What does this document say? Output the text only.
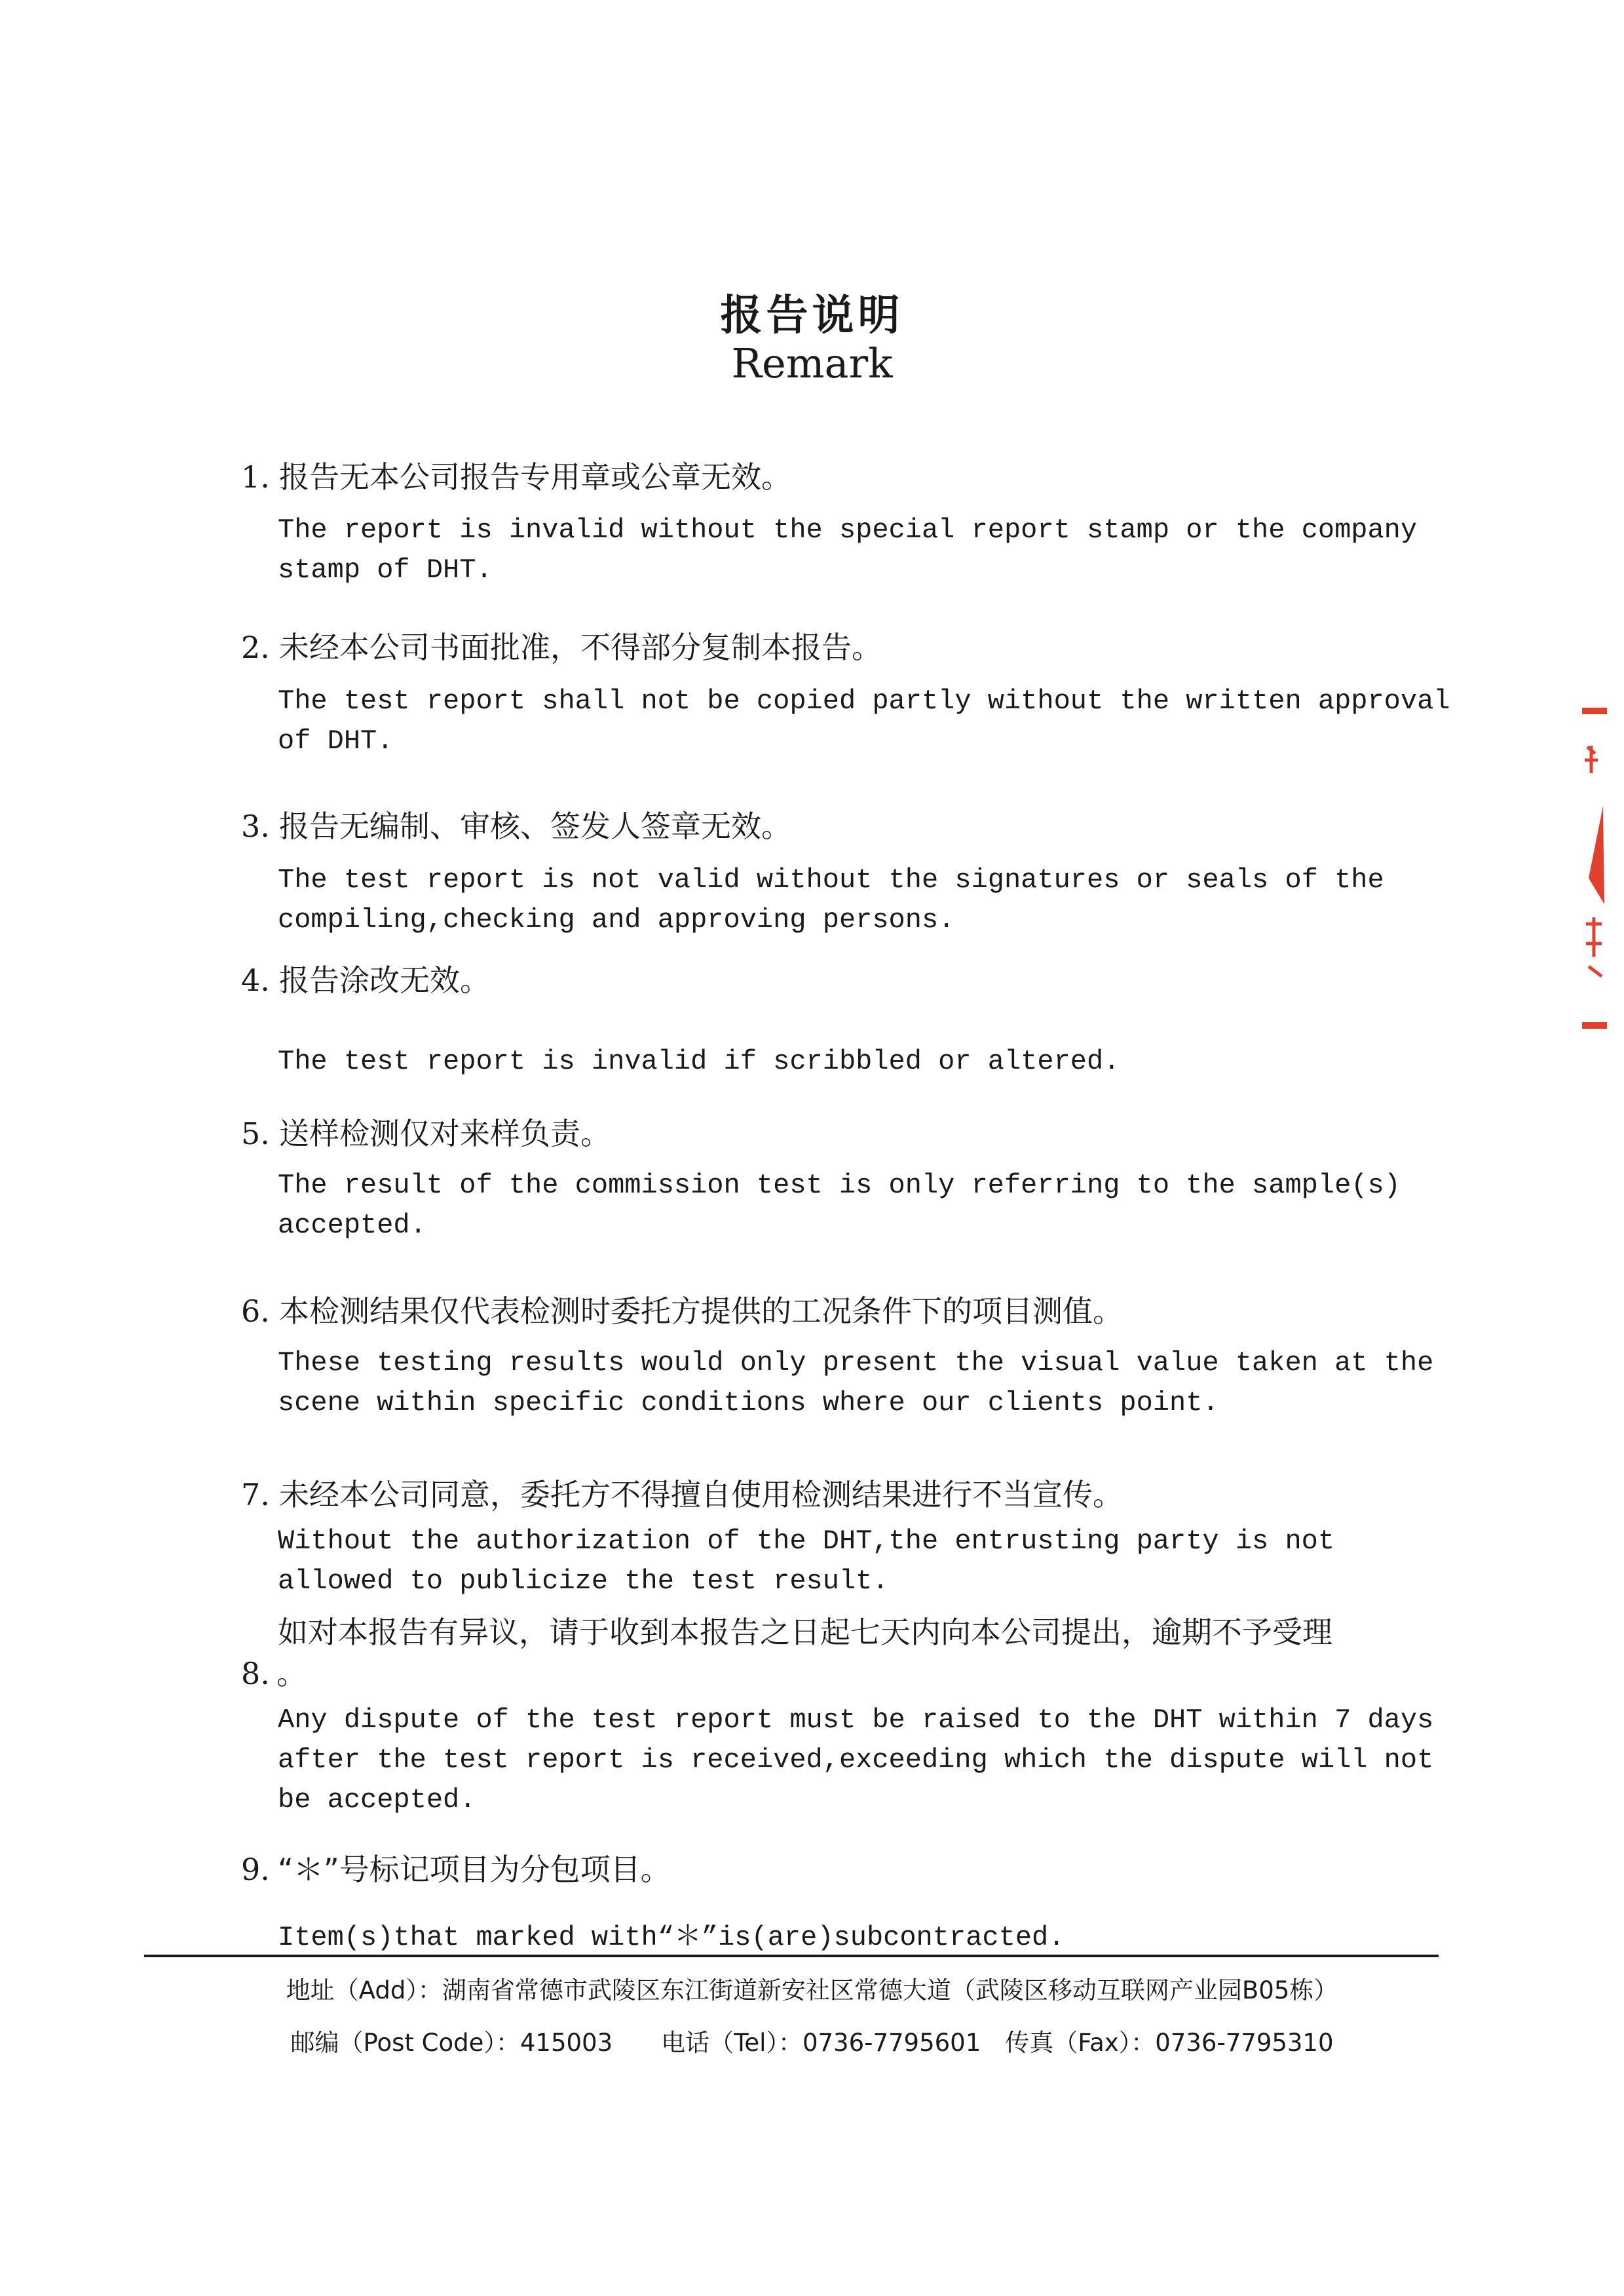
报告说明
Remark
1. 报告无本公司报告专用章或公章无效。
The report is invalid without the special report stamp or the company
stamp of DHT.
2. 未经本公司书面批准，不得部分复制本报告。
The test report shall not be copied partly without the written approval
of DHT.
3. 报告无编制、审核、签发人签章无效。
The test report is not valid without the signatures or seals of the
compiling,checking and approving persons.
4. 报告涂改无效。
The test report is invalid if scribbled or altered.
5. 送样检测仅对来样负责。
The result of the commission test is only referring to the sample(s)
accepted.
6. 本检测结果仅代表检测时委托方提供的工况条件下的项目测值。
These testing results would only present the visual value taken at the
scene within specific conditions where our clients point.
7. 未经本公司同意，委托方不得擅自使用检测结果进行不当宣传。
Without the authorization of the DHT,the entrusting party is not
allowed to publicize the test result.
如对本报告有异议，请于收到本报告之日起七天内向本公司提出，逾期不予受理
8. 。
Any dispute of the test report must be raised to the DHT within 7 days
after the test report is received,exceeding which the dispute will not
be accepted.
9. “＊”号标记项目为分包项目。
Item(s)that marked with“＊”is(are)subcontracted.
地址（Add）：湖南省常德市武陵区东江街道新安社区常德大道（武陵区移动互联网产业园B05栋）
邮编（Post Code）：415003　　电话（Tel）：0736-7795601　传真（Fax）：0736-7795310
